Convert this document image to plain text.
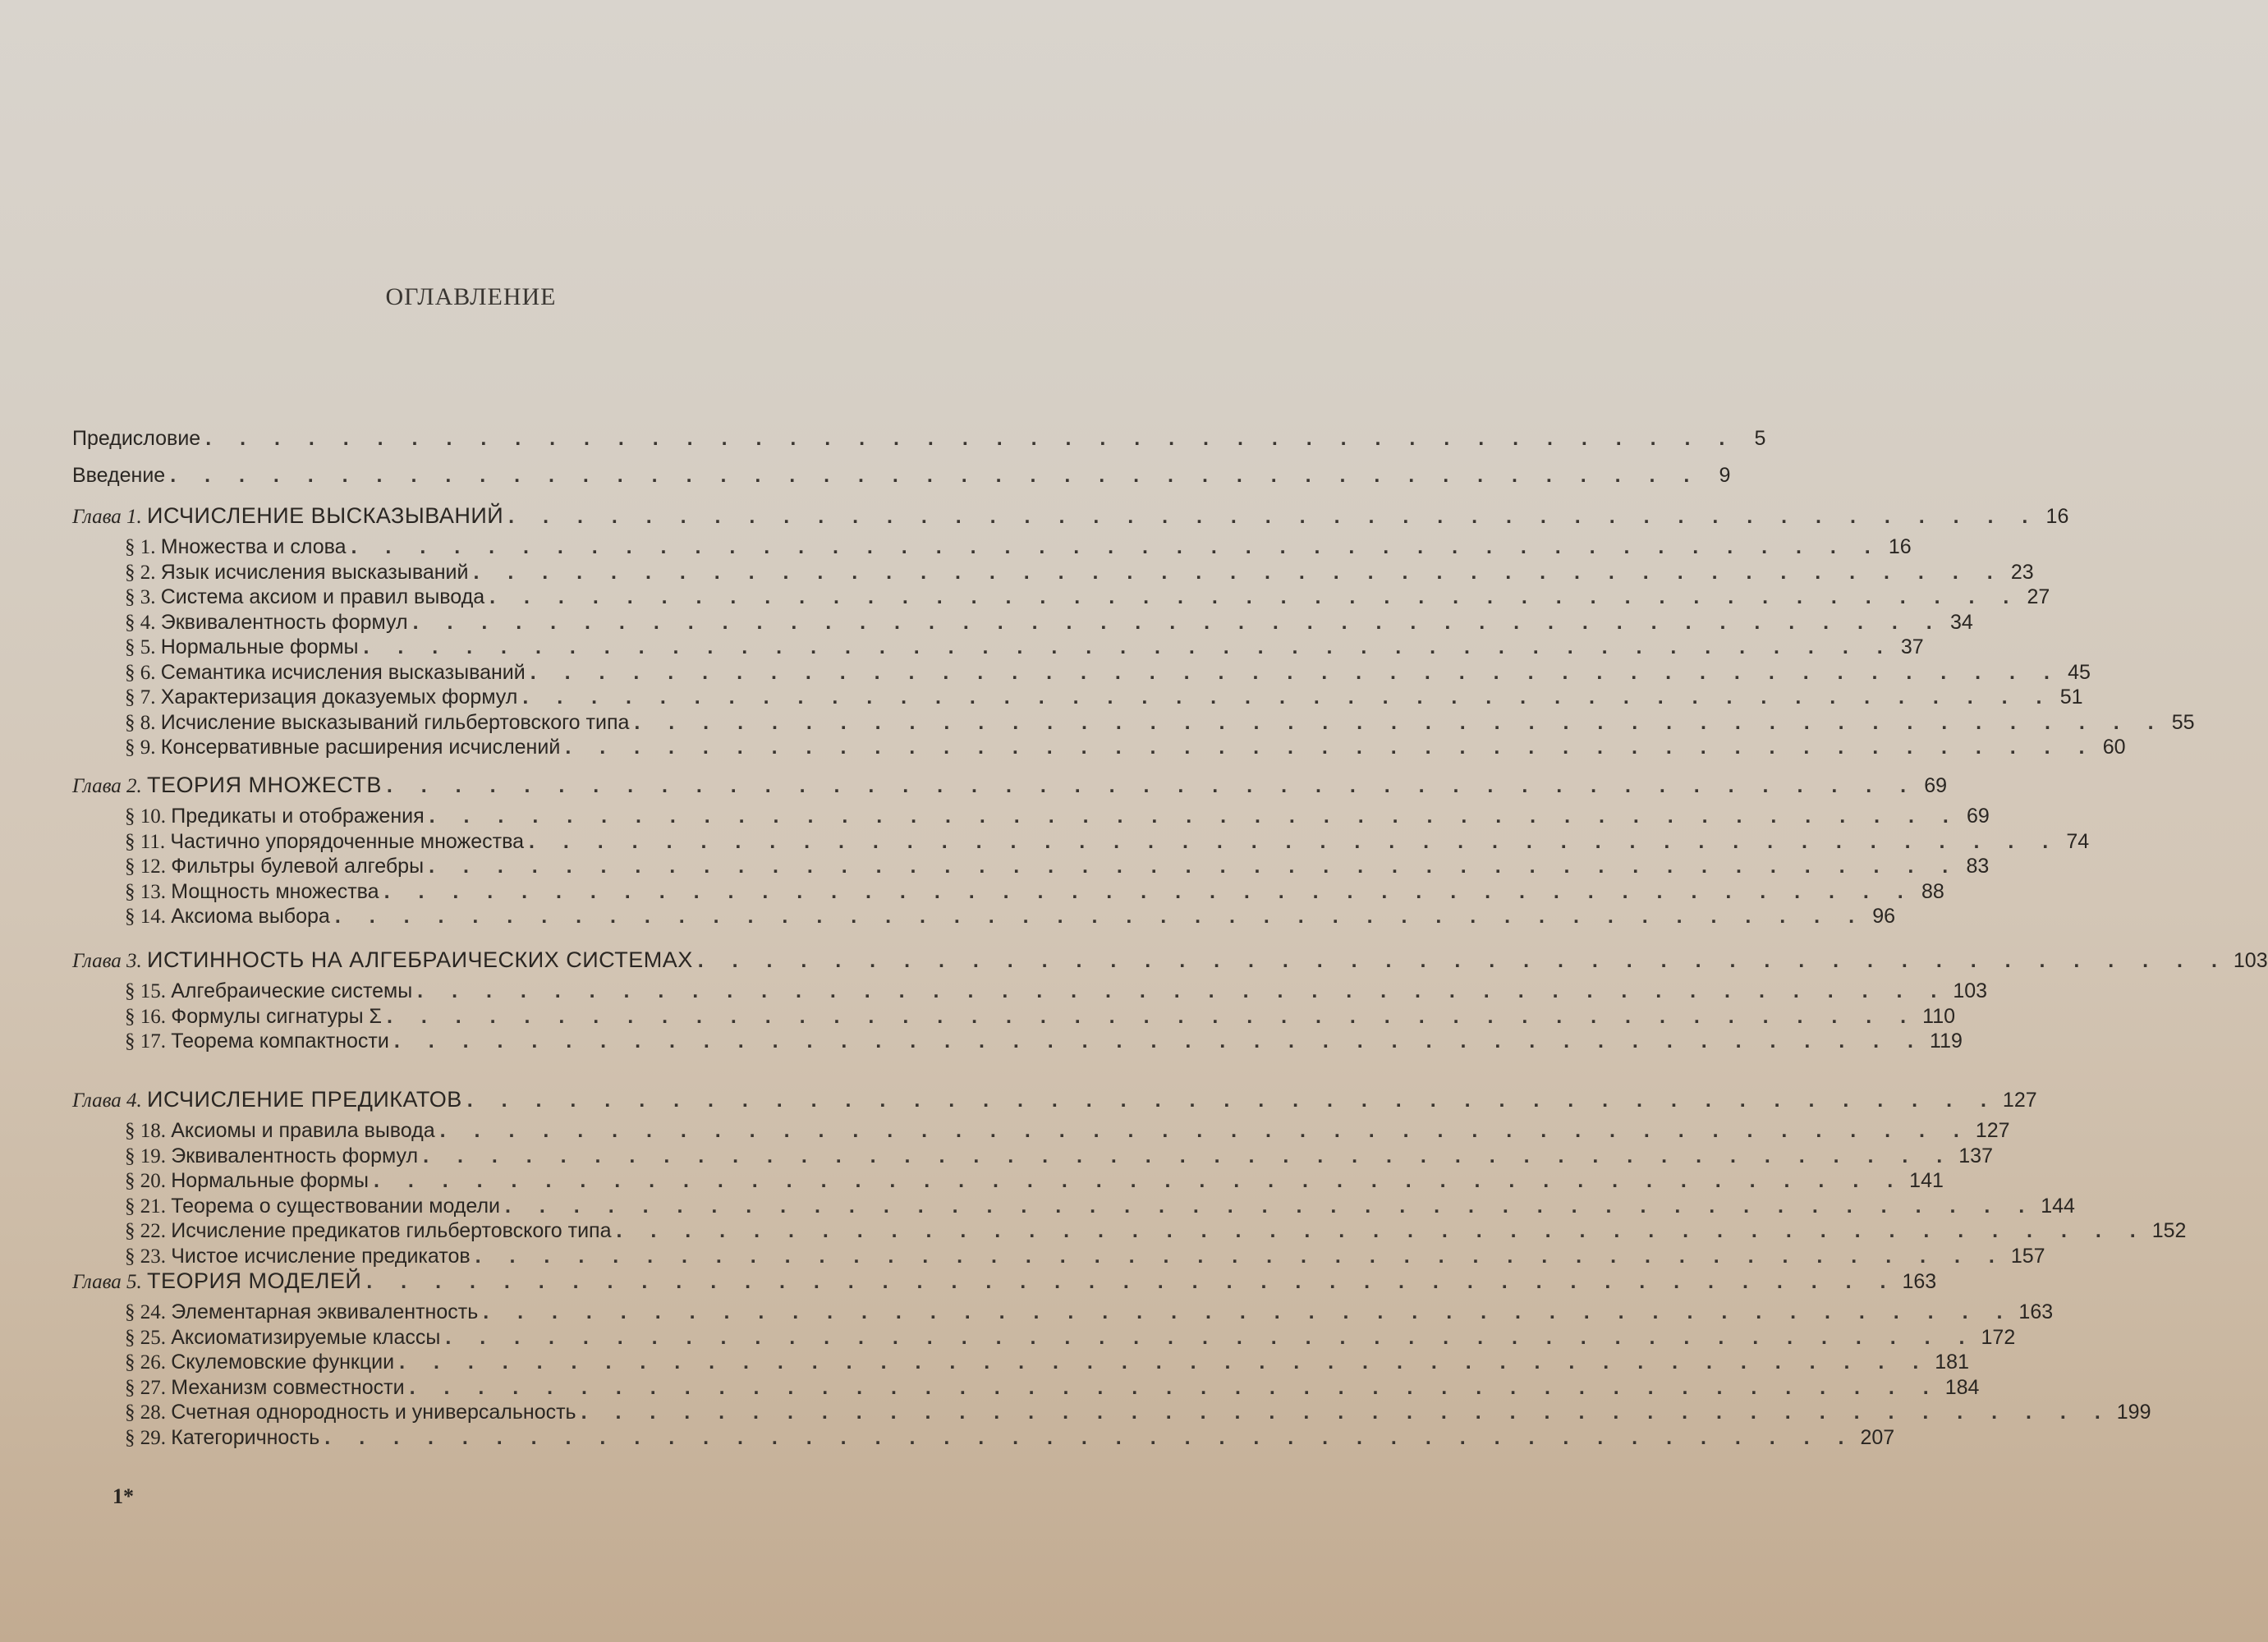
ОГЛАВЛЕНИЕ
Предисловие . . . . . . . . . . . . . . . . . . . . . . . . . . . . . . . . . . . . . . . . . . . . . 5
Введение . . . . . . . . . . . . . . . . . . . . . . . . . . . . . . . . . . . . . . . . . . . . . 9
Глава 1. ИСЧИСЛЕНИЕ ВЫСКАЗЫВАНИЙ . . . . . . . . . . . . . . . . . . . . . . . . . . . . . . . . . . . . . . . . . . . . . 16
§ 1. Множества и слова . . . . . . . . . . . . . . . . . . . . . . . . . . . . . . . . . . . . . . . . . . . . . 16
§ 2. Язык исчисления высказываний . . . . . . . . . . . . . . . . . . . . . . . . . . . . . . . . . . . . . . . . . . . . . 23
§ 3. Система аксиом и правил вывода . . . . . . . . . . . . . . . . . . . . . . . . . . . . . . . . . . . . . . . . . . . . . 27
§ 4. Эквивалентность формул . . . . . . . . . . . . . . . . . . . . . . . . . . . . . . . . . . . . . . . . . . . . . 34
§ 5. Нормальные формы . . . . . . . . . . . . . . . . . . . . . . . . . . . . . . . . . . . . . . . . . . . . . 37
§ 6. Семантика исчисления высказываний . . . . . . . . . . . . . . . . . . . . . . . . . . . . . . . . . . . . . . . . . . . . . 45
§ 7. Характеризация доказуемых формул . . . . . . . . . . . . . . . . . . . . . . . . . . . . . . . . . . . . . . . . . . . . . 51
§ 8. Исчисление высказываний гильбертовского типа . . . . . . . . . . . . . . . . . . . . . . . . . . . . . . . . . . . . . . . . . . . . . 55
§ 9. Консервативные расширения исчислений . . . . . . . . . . . . . . . . . . . . . . . . . . . . . . . . . . . . . . . . . . . . . 60
Глава 2. ТЕОРИЯ МНОЖЕСТВ . . . . . . . . . . . . . . . . . . . . . . . . . . . . . . . . . . . . . . . . . . . . . 69
§ 10. Предикаты и отображения . . . . . . . . . . . . . . . . . . . . . . . . . . . . . . . . . . . . . . . . . . . . . 69
§ 11. Частично упорядоченные множества . . . . . . . . . . . . . . . . . . . . . . . . . . . . . . . . . . . . . . . . . . . . . 74
§ 12. Фильтры булевой алгебры . . . . . . . . . . . . . . . . . . . . . . . . . . . . . . . . . . . . . . . . . . . . . 83
§ 13. Мощность множества . . . . . . . . . . . . . . . . . . . . . . . . . . . . . . . . . . . . . . . . . . . . . 88
§ 14. Аксиома выбора . . . . . . . . . . . . . . . . . . . . . . . . . . . . . . . . . . . . . . . . . . . . . 96
Глава 3. ИСТИННОСТЬ НА АЛГЕБРАИЧЕСКИХ СИСТЕМАХ . . . . . . . . . . . . . . . . . . . . . . . . . . . . . . . . . . . . . . . . . . . . . 103
§ 15. Алгебраические системы . . . . . . . . . . . . . . . . . . . . . . . . . . . . . . . . . . . . . . . . . . . . . 103
§ 16. Формулы сигнатуры Σ . . . . . . . . . . . . . . . . . . . . . . . . . . . . . . . . . . . . . . . . . . . . . 110
§ 17. Теорема компактности . . . . . . . . . . . . . . . . . . . . . . . . . . . . . . . . . . . . . . . . . . . . . 119
Глава 4. ИСЧИСЛЕНИЕ ПРЕДИКАТОВ . . . . . . . . . . . . . . . . . . . . . . . . . . . . . . . . . . . . . . . . . . . . . 127
§ 18. Аксиомы и правила вывода . . . . . . . . . . . . . . . . . . . . . . . . . . . . . . . . . . . . . . . . . . . . . 127
§ 19. Эквивалентность формул . . . . . . . . . . . . . . . . . . . . . . . . . . . . . . . . . . . . . . . . . . . . . 137
§ 20. Нормальные формы . . . . . . . . . . . . . . . . . . . . . . . . . . . . . . . . . . . . . . . . . . . . . 141
§ 21. Теорема о существовании модели . . . . . . . . . . . . . . . . . . . . . . . . . . . . . . . . . . . . . . . . . . . . . 144
§ 22. Исчисление предикатов гильбертовского типа . . . . . . . . . . . . . . . . . . . . . . . . . . . . . . . . . . . . . . . . . . . . . 152
§ 23. Чистое исчисление предикатов . . . . . . . . . . . . . . . . . . . . . . . . . . . . . . . . . . . . . . . . . . . . . 157
Глава 5. ТЕОРИЯ МОДЕЛЕЙ . . . . . . . . . . . . . . . . . . . . . . . . . . . . . . . . . . . . . . . . . . . . . 163
§ 24. Элементарная эквивалентность . . . . . . . . . . . . . . . . . . . . . . . . . . . . . . . . . . . . . . . . . . . . . 163
§ 25. Аксиоматизируемые классы . . . . . . . . . . . . . . . . . . . . . . . . . . . . . . . . . . . . . . . . . . . . . 172
§ 26. Скулемовские функции . . . . . . . . . . . . . . . . . . . . . . . . . . . . . . . . . . . . . . . . . . . . . 181
§ 27. Механизм совместности . . . . . . . . . . . . . . . . . . . . . . . . . . . . . . . . . . . . . . . . . . . . . 184
§ 28. Счетная однородность и универсальность . . . . . . . . . . . . . . . . . . . . . . . . . . . . . . . . . . . . . . . . . . . . . 199
§ 29. Категоричность . . . . . . . . . . . . . . . . . . . . . . . . . . . . . . . . . . . . . . . . . . . . . 207
1*
